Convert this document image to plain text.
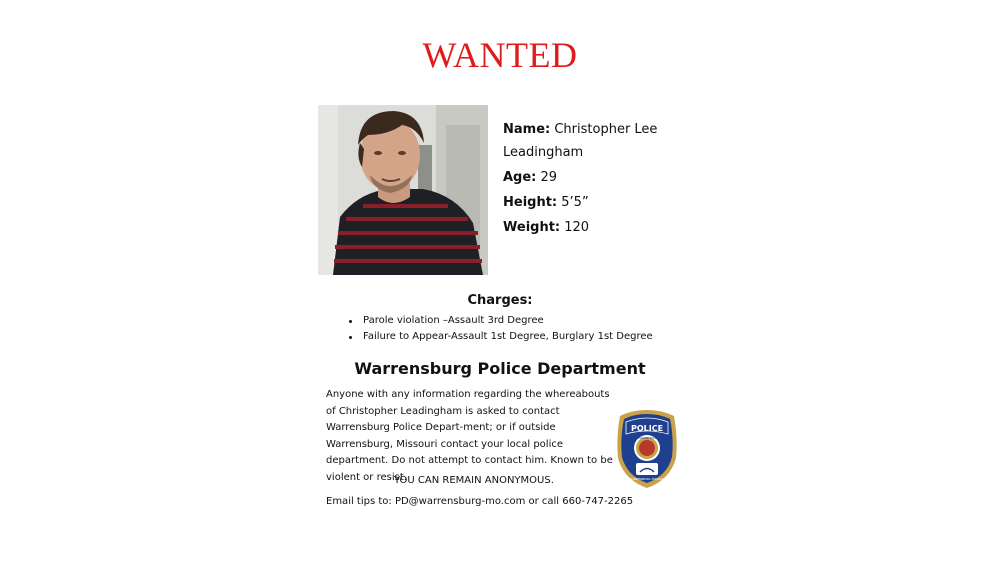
WANTED
Name: Christopher Lee Leadingham
Age: 29
Height: 5’5”
Weight: 120
Charges:
Parole violation –Assault 3rd Degree
Failure to Appear-Assault 1st Degree, Burglary 1st Degree
Warrensburg Police Department
Anyone with any information regarding the whereabouts of Christopher Leadingham is asked to contact Warrensburg Police Depart-ment; or if outside Warrensburg, Missouri contact your local police department. Do not attempt to contact him. Known to be violent or resist.
YOU CAN REMAIN ANONYMOUS.
Email tips to: PD@warrensburg-mo.com or call 660-747-2265
POLICE
MISSOURI STATE
WARRENSBURG, MISSOURI
